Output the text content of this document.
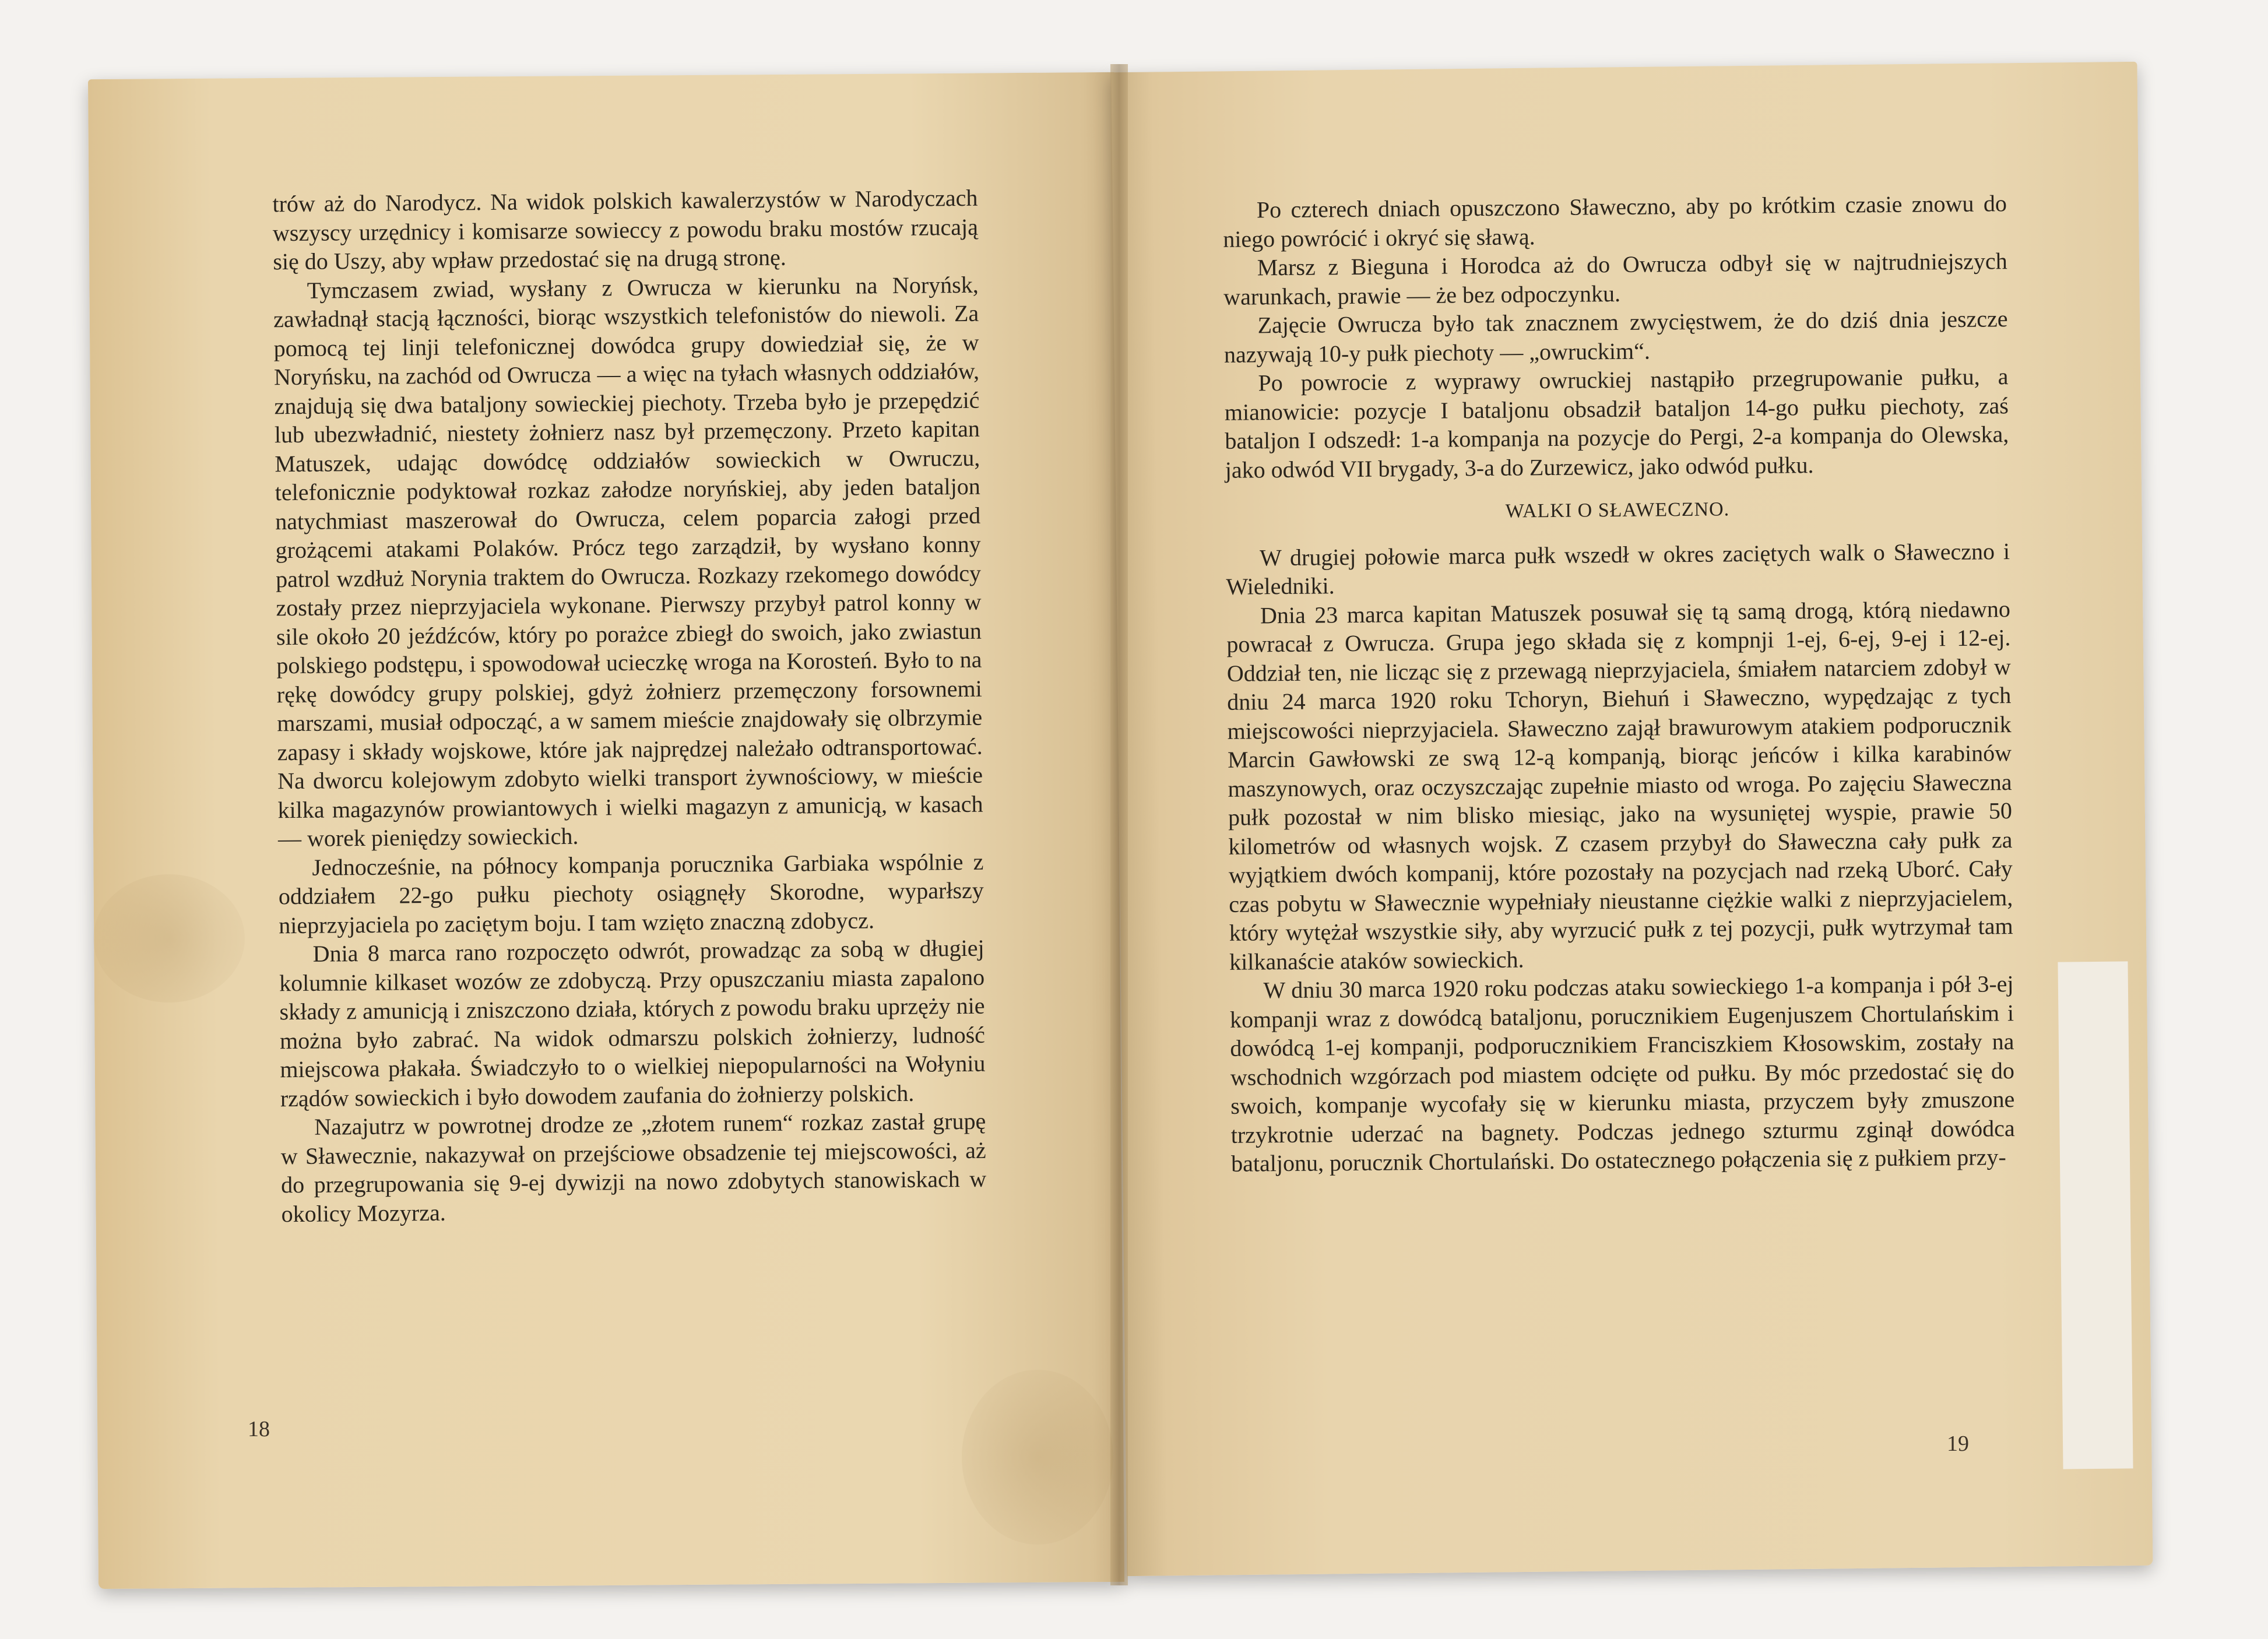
trów aż do Narodycz. Na widok polskich kawalerzystów w Narodyczach wszyscy urzędnicy i komisarze sowieccy z powodu braku mostów rzucają się do Uszy, aby wpław przedostać się na drugą stronę.

Tymczasem zwiad, wysłany z Owrucza w kierunku na Noryńsk, zawładnął stacją łączności, biorąc wszystkich telefonistów do niewoli. Za pomocą tej linji telefonicznej dowódca grupy dowiedział się, że w Noryńsku, na zachód od Owrucza — a więc na tyłach własnych oddziałów, znajdują się dwa bataljony sowieckiej piechoty. Trzeba było je przepędzić lub ubezwładnić, niestety żołnierz nasz był przemęczony. Przeto kapitan Matuszek, udając dowódcę oddziałów sowieckich w Owruczu, telefonicznie podyktował rozkaz załodze noryńskiej, aby jeden bataljon natychmiast maszerował do Owrucza, celem poparcia załogi przed grożącemi atakami Polaków. Prócz tego zarządził, by wysłano konny patrol wzdłuż Norynia traktem do Owrucza. Rozkazy rzekomego dowódcy zostały przez nieprzyjaciela wykonane. Pierwszy przybył patrol konny w sile około 20 jeźdźców, który po porażce zbiegł do swoich, jako zwiastun polskiego podstępu, i spowodował ucieczkę wroga na Korosteń. Było to na rękę dowódcy grupy polskiej, gdyż żołnierz przemęczony forsownemi marszami, musiał odpocząć, a w samem mieście znajdowały się olbrzymie zapasy i składy wojskowe, które jak najprędzej należało odtransportować. Na dworcu kolejowym zdobyto wielki transport żywnościowy, w mieście kilka magazynów prowiantowych i wielki magazyn z amunicją, w kasach — worek pieniędzy sowieckich.

Jednocześnie, na północy kompanja porucznika Garbiaka wspólnie z oddziałem 22-go pułku piechoty osiągnęły Skorodne, wyparłszy nieprzyjaciela po zaciętym boju. I tam wzięto znaczną zdobycz.

Dnia 8 marca rano rozpoczęto odwrót, prowadząc za sobą w długiej kolumnie kilkaset wozów ze zdobyczą. Przy opuszczaniu miasta zapalono składy z amunicją i zniszczono działa, których z powodu braku uprzęży nie można było zabrać. Na widok odmarszu polskich żołnierzy, ludność miejscowa płakała. Świadczyło to o wielkiej niepopularności na Wołyniu rządów sowieckich i było dowodem zaufania do żołnierzy polskich.

Nazajutrz w powrotnej drodze ze „złotem runem“ rozkaz zastał grupę w Sławecznie, nakazywał on przejściowe obsadzenie tej miejscowości, aż do przegrupowania się 9-ej dywizji na nowo zdobytych stanowiskach w okolicy Mozyrza.

18

Po czterech dniach opuszczono Sławeczno, aby po krótkim czasie znowu do niego powrócić i okryć się sławą.

Marsz z Bieguna i Horodca aż do Owrucza odbył się w najtrudniejszych warunkach, prawie — że bez odpoczynku.

Zajęcie Owrucza było tak znacznem zwycięstwem, że do dziś dnia jeszcze nazywają 10-y pułk piechoty — „owruckim“.

Po powrocie z wyprawy owruckiej nastąpiło przegrupowanie pułku, a mianowicie: pozycje I bataljonu obsadził bataljon 14-go pułku piechoty, zaś bataljon I odszedł: 1-a kompanja na pozycje do Pergi, 2-a kompanja do Olewska, jako odwód VII brygady, 3-a do Zurzewicz, jako odwód pułku.

WALKI O SŁAWECZNO.

W drugiej połowie marca pułk wszedł w okres zaciętych walk o Sławeczno i Wieledniki.

Dnia 23 marca kapitan Matuszek posuwał się tą samą drogą, którą niedawno powracał z Owrucza. Grupa jego składa się z kompnji 1-ej, 6-ej, 9-ej i 12-ej. Oddział ten, nie licząc się z przewagą nieprzyjaciela, śmiałem natarciem zdobył w dniu 24 marca 1920 roku Tchoryn, Biehuń i Sławeczno, wypędzając z tych miejscowości nieprzyjaciela. Sławeczno zajął brawurowym atakiem podporucznik Marcin Gawłowski ze swą 12-ą kompanją, biorąc jeńców i kilka karabinów maszynowych, oraz oczyszczając zupełnie miasto od wroga. Po zajęciu Sławeczna pułk pozostał w nim blisko miesiąc, jako na wysuniętej wyspie, prawie 50 kilometrów od własnych wojsk. Z czasem przybył do Sławeczna cały pułk za wyjątkiem dwóch kompanij, które pozostały na pozycjach nad rzeką Uborć. Cały czas pobytu w Sławecznie wypełniały nieustanne ciężkie walki z nieprzyjacielem, który wytężał wszystkie siły, aby wyrzucić pułk z tej pozycji, pułk wytrzymał tam kilkanaście ataków sowieckich.

W dniu 30 marca 1920 roku podczas ataku sowieckiego 1-a kompanja i pół 3-ej kompanji wraz z dowódcą bataljonu, porucznikiem Eugenjuszem Chortulańskim i dowódcą 1-ej kompanji, podporucznikiem Franciszkiem Kłosowskim, zostały na wschodnich wzgórzach pod miastem odcięte od pułku. By móc przedostać się do swoich, kompanje wycofały się w kierunku miasta, przyczem były zmuszone trzykrotnie uderzać na bagnety. Podczas jednego szturmu zginął dowódca bataljonu, porucznik Chortulański. Do ostatecznego połączenia się z pułkiem przy-

19
